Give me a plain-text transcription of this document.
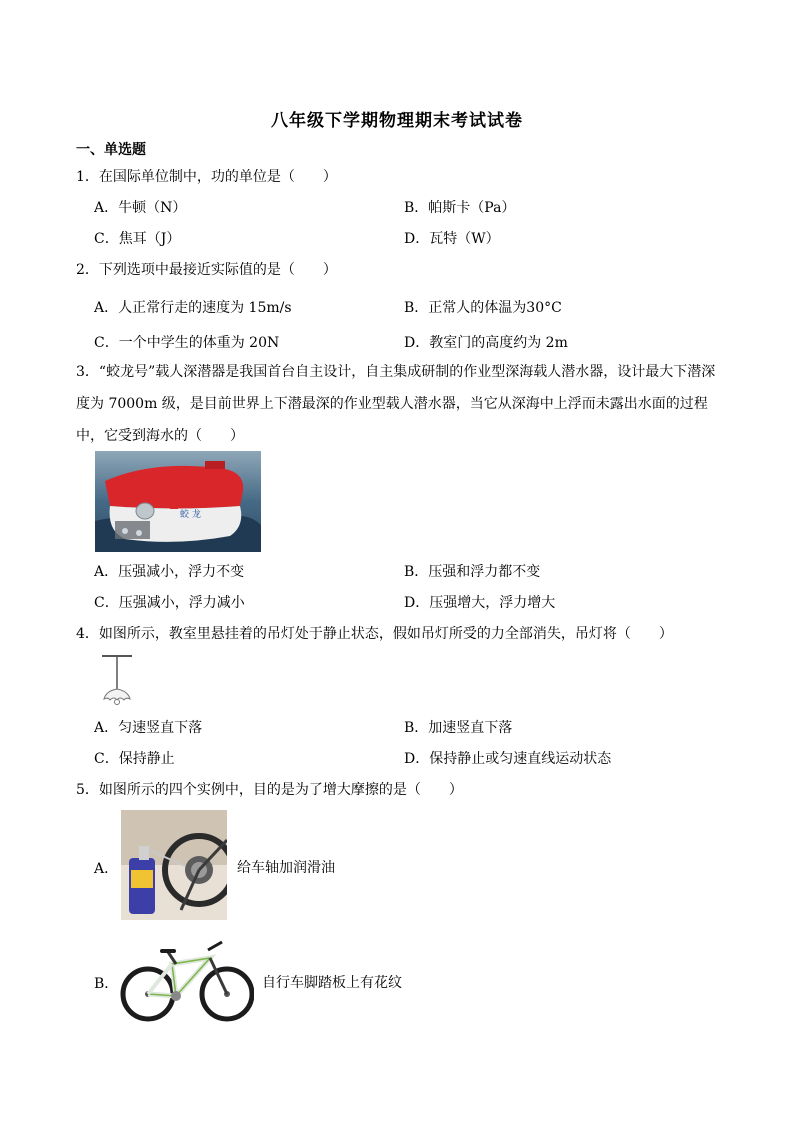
八年级下学期物理期末考试试卷
一、单选题
1．在国际单位制中，功的单位是（　　）
A．牛顿（N）	B．帕斯卡（Pa）
C．焦耳（J）	D．瓦特（W）
2．下列选项中最接近实际值的是（　　）
A．人正常行走的速度为 15m/s	B．正常人的体温为30°C
C．一个中学生的体重为 20N	D．教室门的高度约为 2m
3．“蛟龙号”载人深潜器是我国首台自主设计，自主集成研制的作业型深海载人潜水器，设计最大下潜深度为 7000m 级，是目前世界上下潜最深的作业型载人潜水器，当它从深海中上浮而未露出水面的过程中，它受到海水的（　　）
蛟 龙
A．压强减小，浮力不变	B．压强和浮力都不变
C．压强减小，浮力减小	D．压强增大，浮力增大
4．如图所示，教室里悬挂着的吊灯处于静止状态，假如吊灯所受的力全部消失，吊灯将（　　）
A．匀速竖直下落	B．加速竖直下落
C．保持静止	D．保持静止或匀速直线运动状态
5．如图所示的四个实例中，目的是为了增大摩擦的是（　　）
A．	给车轴加润滑油
B．	自行车脚踏板上有花纹
